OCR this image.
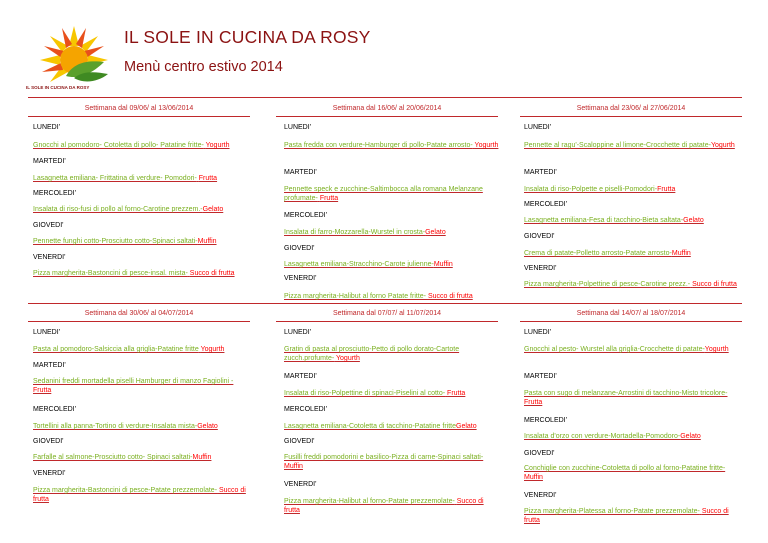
IL SOLE IN CUCINA DA ROSY
IL SOLE IN CUCINA DA ROSY
Menù centro estivo 2014
Settimana dal 09/06/ al 13/06/2014	Settimana dal 16/06/ al 20/06/2014	Settimana dal 23/06/ al 27/06/2014
Settimana dal 30/06/ al 04/07/2014	Settimana dal 07/07/ al 11/07/2014	Settimana dal 14/07/ al 18/07/2014
LUNEDI'
Gnocchi al pomodoro- Cotoletta di pollo- Patatine fritte- Yogurth
MARTEDI'
Lasagnetta emiliana- Frittatina di verdure- Pomodori- Frutta
MERCOLEDI'
Insalata di riso-fusi di pollo al forno-Carotine prezzem.-Gelato
GIOVEDI'
Pennette funghi cotto-Prosciutto cotto-Spinaci saltati-Muffin
VENERDI'
Pizza margherita-Bastoncini di pesce-insal. mista- Succo di frutta
LUNEDI'
Pasta fredda con verdure-Hamburger di pollo-Patate arrosto- Yogurth
MARTEDI'
Pennette speck e zucchine-Saltimbocca alla romana Melanzane profumate- Frutta
MERCOLEDI'
Insalata di farro-Mozzarella-Wurstel in crosta-Gelato
GIOVEDI'
Lasagnetta emiliana-Stracchino-Carote julienne-Muffin
VENERDI'
Pizza margherita-Halibut al forno Patate fritte- Succo di frutta
LUNEDI'
Pennette al ragu'-Scaloppine al limone-Crocchette di patate-Yogurth
MARTEDI'
Insalata di riso-Polpette e piselli-Pomodori-Frutta
MERCOLEDI'
Lasagnetta emiliana-Fesa di tacchino-Bieta saltata-Gelato
GIOVEDI'
Crema di patate-Polletto arrosto-Patate arrosto-Muffin
VENERDI'
Pizza margherita-Polpettine di pesce-Carotine prezz.- Succo di frutta
LUNEDI'
Pasta al pomodoro-Salsiccia alla griglia-Patatine fritte Yogurth
MARTEDI'
Sedanini freddi mortadella piselli Hamburger di manzo Fagiolini - Frutta
MERCOLEDI'
Tortellini alla panna-Tortino di verdure-Insalata mista-Gelato
GIOVEDI'
Farfalle al salmone-Prosciutto cotto- Spinaci saltati-Muffin
VENERDI'
Pizza margherita-Bastoncini di pesce-Patate prezzemolate- Succo di frutta
LUNEDI'
Gratin di pasta al prosciutto-Petto di pollo dorato-Cartote zucch.profumte- Yogurth
MARTEDI'
Insalata di riso-Polpettine di spinaci-Piselini al cotto- Frutta
MERCOLEDI'
Lasagnetta emiliana-Cotoletta di tacchino-Patatine fritteGelato
GIOVEDI'
Fusilli freddi pomodorini e basilico-Pizza di carne-Spinaci saltati-Muffin
VENERDI'
Pizza margherita-Halibut al forno-Patate prezzemolate- Succo di frutta
LUNEDI'
Gnocchi al pesto- Wurstel alla griglia-Crocchette di patate-Yogurth
MARTEDI'
Pasta con sugo di melanzane-Arrostini di tacchino-Misto tricolore- Frutta
MERCOLEDI'
Insalata d'orzo con verdure-Mortadella-Pomodoro-Gelato
GIOVEDI'
Conchiglie con zucchine-Cotoletta di pollo al forno-Patatine fritte-Muffin
VENERDI'
Pizza margherita-Platessa al forno-Patate prezzemolate- Succo di frutta
